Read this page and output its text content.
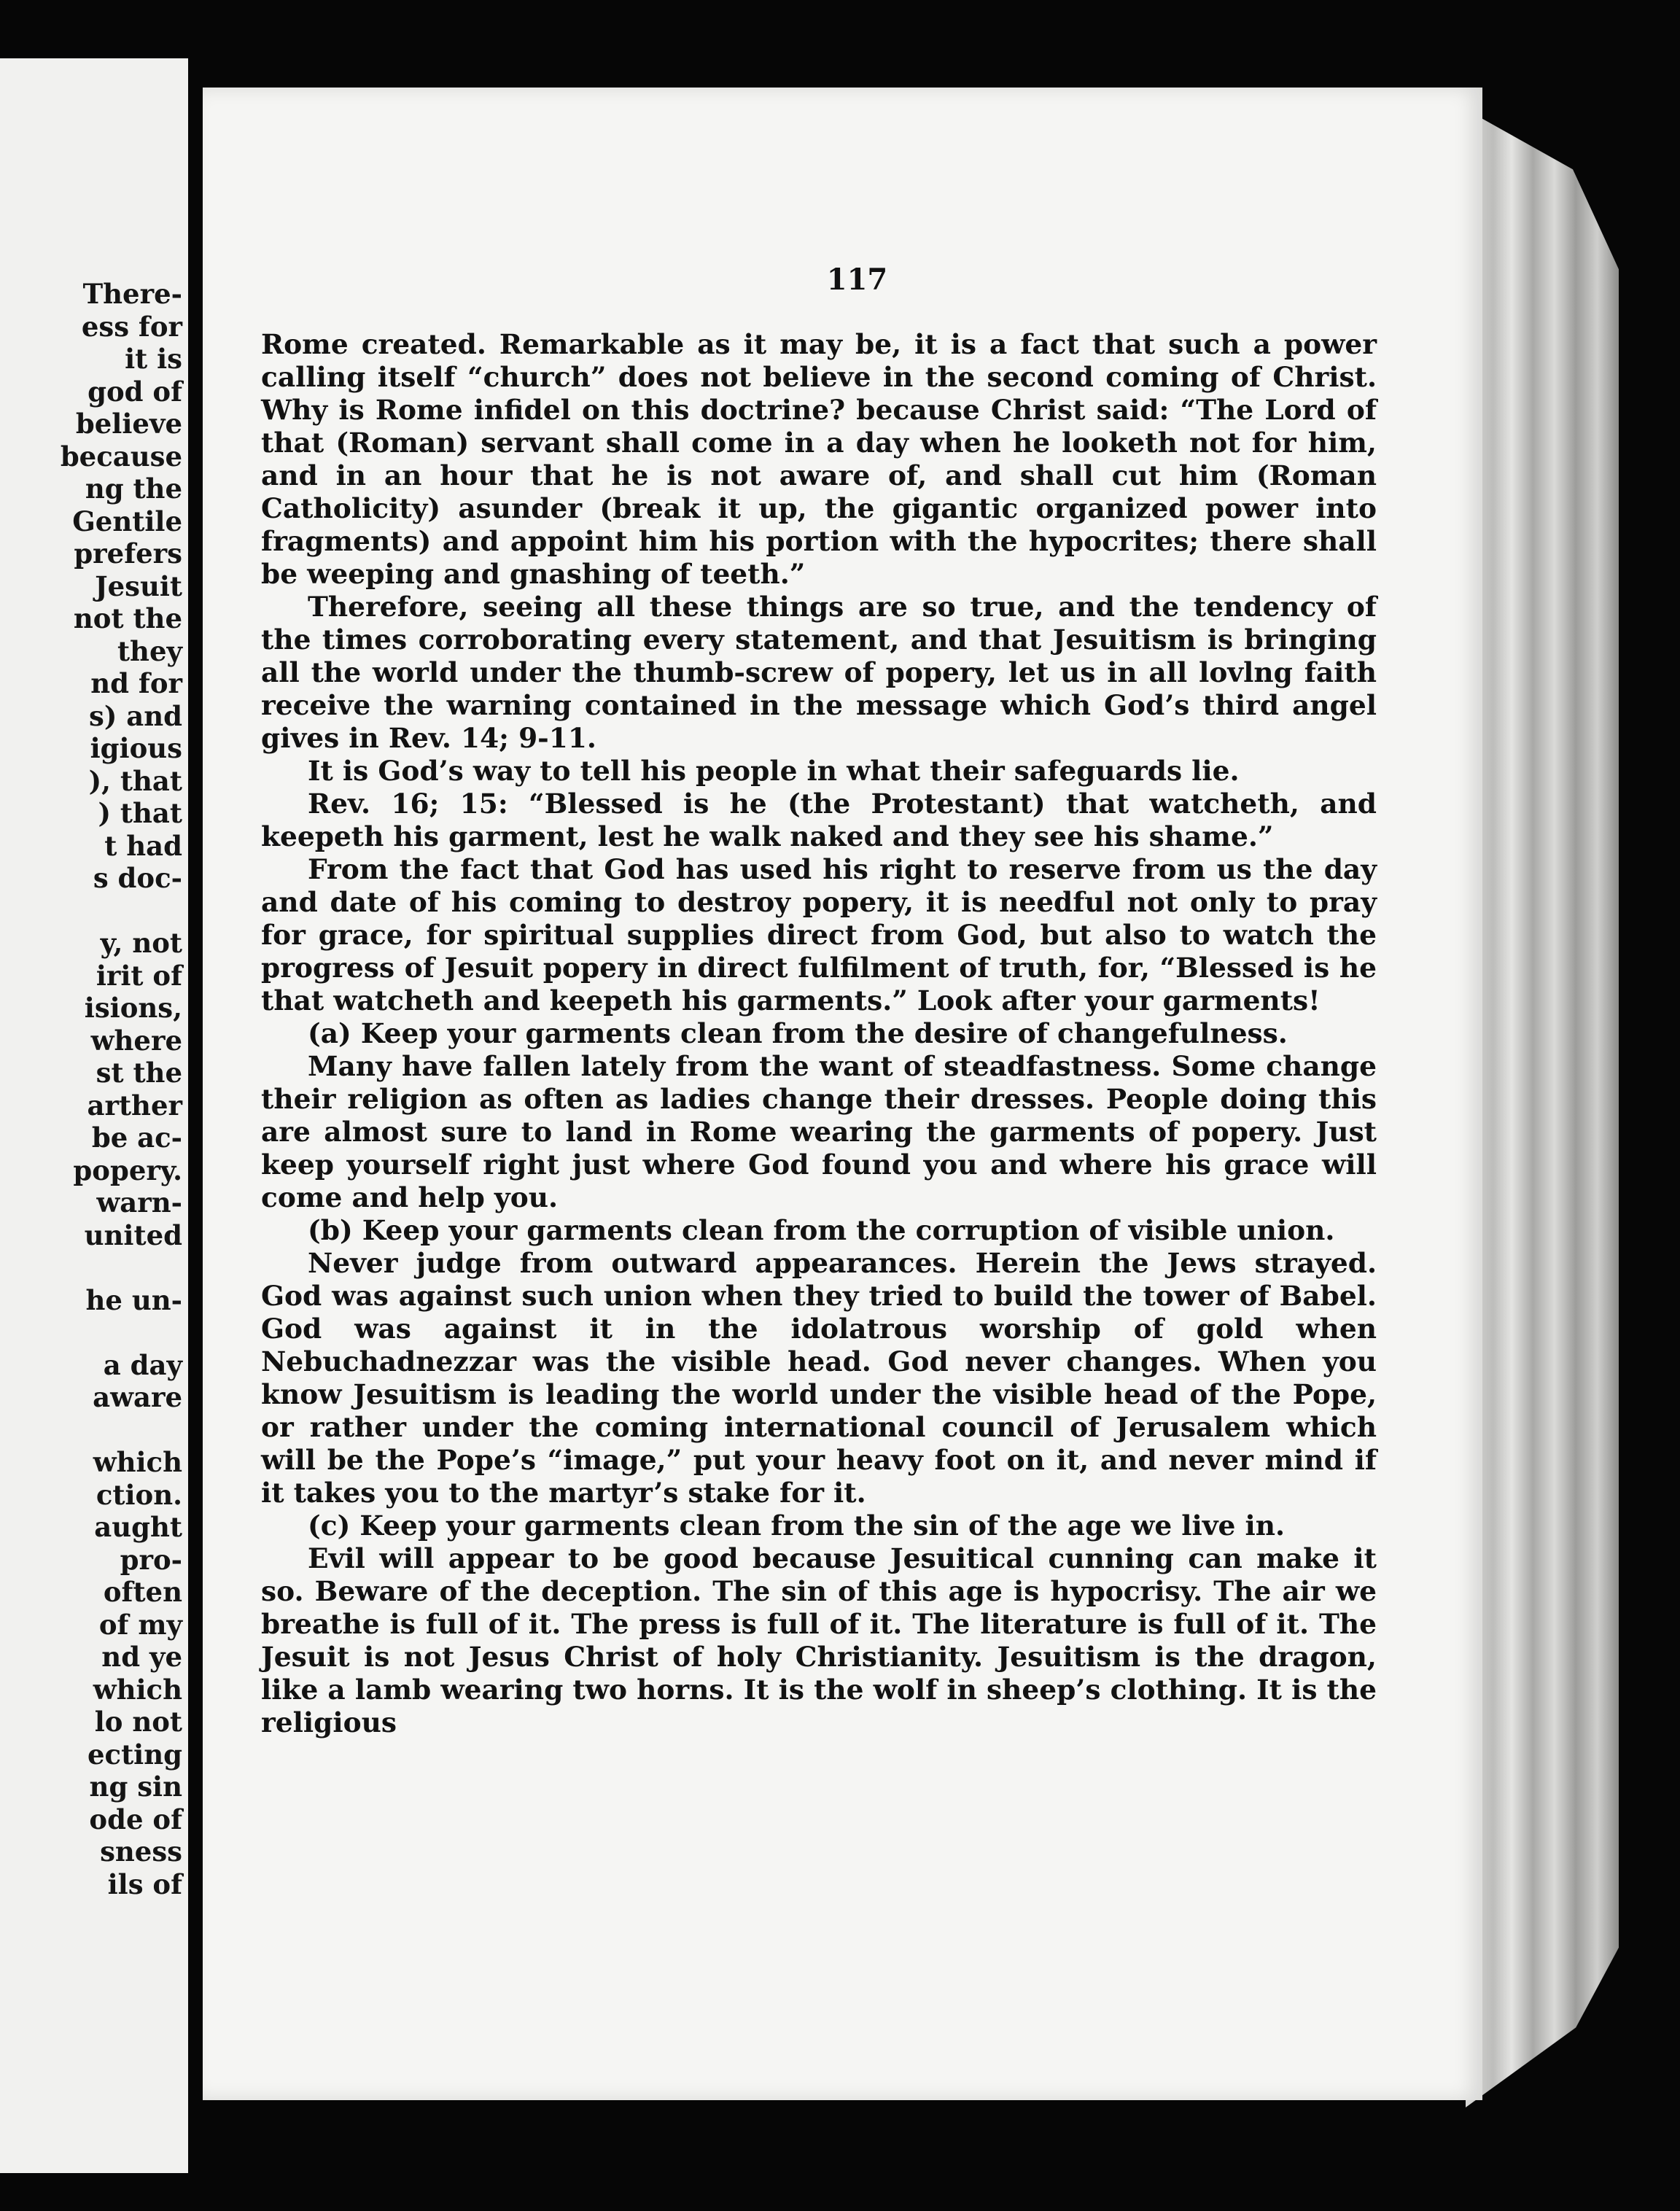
There-
ess for
it is
god of
believe
because
ng the
Gentile
prefers
Jesuit
not the
they
nd for
s) and
igious
), that
) that
t had
s doc-
y, not
irit of
isions,
where
st the
arther
be ac-
popery.
warn-
united
he un-
a day
aware
which
ction.
aught
pro-
often
of my
nd ye
which
lo not
ecting
ng sin
ode of
sness
ils of
117

Rome created. Remarkable as it may be, it is a fact that such a power calling itself “church” does not believe in the second coming of Christ. Why is Rome infidel on this doctrine? because Christ said: “The Lord of that (Roman) servant shall come in a day when he looketh not for him, and in an hour that he is not aware of, and shall cut him (Roman Catholicity) asunder (break it up, the gigantic organized power into fragments) and appoint him his portion with the hypocrites; there shall be weeping and gnashing of teeth.”

Therefore, seeing all these things are so true, and the tendency of the times corroborating every statement, and that Jesuitism is bringing all the world under the thumb-screw of popery, let us in all lovlng faith receive the warning contained in the message which God’s third angel gives in Rev. 14; 9-11.

It is God’s way to tell his people in what their safeguards lie.

Rev. 16; 15: “Blessed is he (the Protestant) that watcheth, and keepeth his garment, lest he walk naked and they see his shame.”

From the fact that God has used his right to reserve from us the day and date of his coming to destroy popery, it is needful not only to pray for grace, for spiritual supplies direct from God, but also to watch the progress of Jesuit popery in direct fulfilment of truth, for, “Blessed is he that watcheth and keepeth his garments.” Look after your garments!

(a) Keep your garments clean from the desire of changefulness.

Many have fallen lately from the want of steadfastness. Some change their religion as often as ladies change their dresses. People doing this are almost sure to land in Rome wearing the garments of popery. Just keep yourself right just where God found you and where his grace will come and help you.

(b) Keep your garments clean from the corruption of visible union.

Never judge from outward appearances. Herein the Jews strayed. God was against such union when they tried to build the tower of Babel. God was against it in the idolatrous worship of gold when Nebuchadnezzar was the visible head. God never changes. When you know Jesuitism is leading the world under the visible head of the Pope, or rather under the coming international council of Jerusalem which will be the Pope’s “image,” put your heavy foot on it, and never mind if it takes you to the martyr’s stake for it.

(c) Keep your garments clean from the sin of the age we live in.

Evil will appear to be good because Jesuitical cunning can make it so. Beware of the deception. The sin of this age is hypocrisy. The air we breathe is full of it. The press is full of it. The literature is full of it. The Jesuit is not Jesus Christ of holy Christianity. Jesuitism is the dragon, like a lamb wearing two horns. It is the wolf in sheep’s clothing. It is the religious
